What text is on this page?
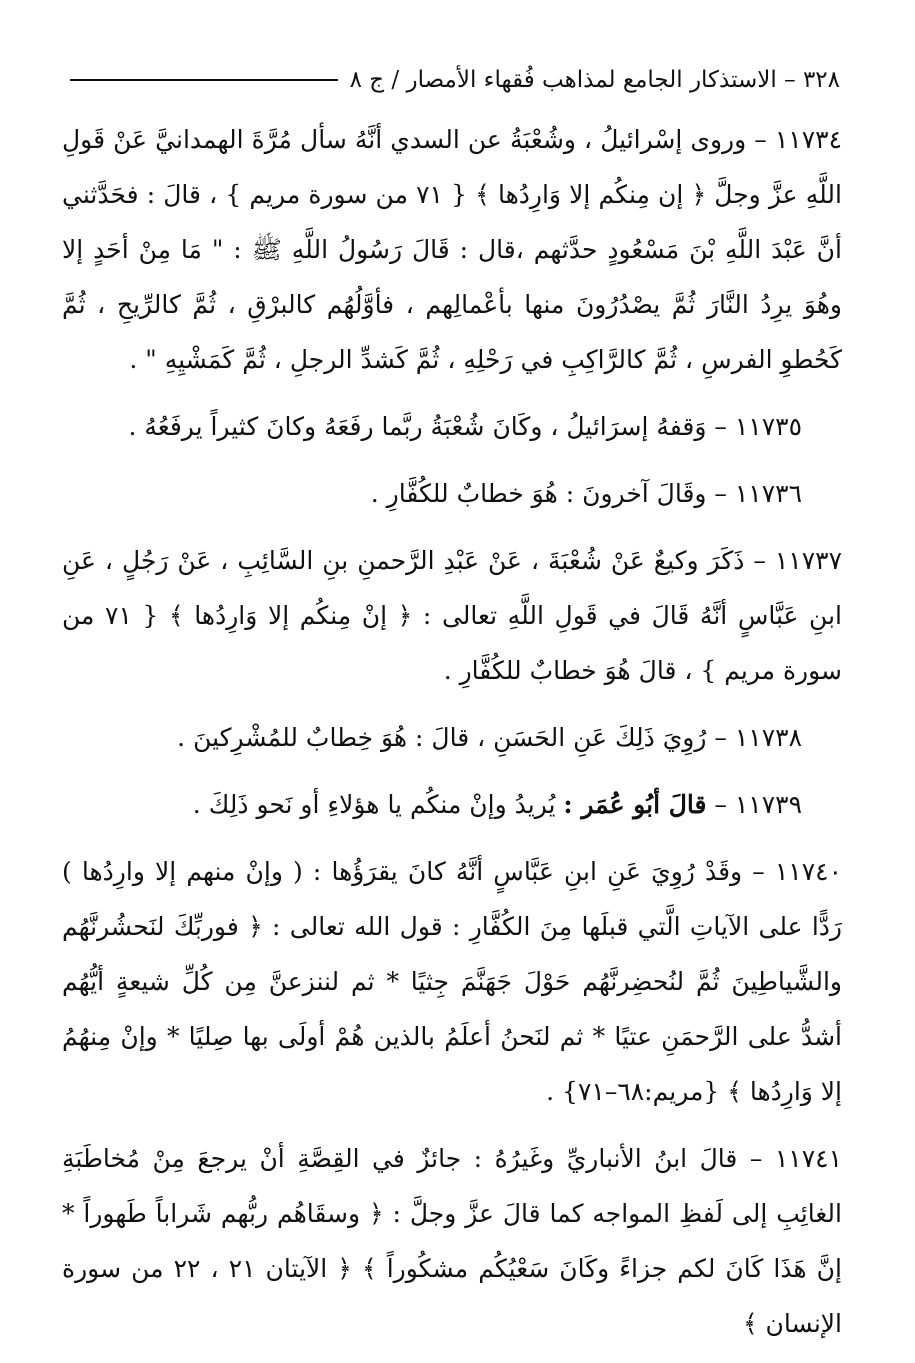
٣٢٨ – الاستذكار الجامع لمذاهب فُقهاء الأمصار / ج ٨

١١٧٣٤ – وروى إسْرائيلُ ، وشُعْبَةُ عن السدي أنَّهُ سأل مُرَّةَ الهمدانيَّ عَنْ قَولِ اللَّهِ عزَّ وجلَّ ﴿ إن مِنكُم إلا وَارِدُها ﴾ { ٧١ من سورة مريم } ، قالَ : فحَدَّثني أنَّ عَبْدَ اللَّهِ بْنَ مَسْعُودٍ حدَّثهم ،قال : قَالَ رَسُولُ اللَّهِ ﷺ : " مَا مِنْ أحَدٍ إلا وهُوَ يرِدُ النَّارَ ثُمَّ يصْدُرُونَ منها بأعْمالِهم ، فأوَّلُهُم كالبرْقِ ، ثُمَّ كالرِّيحِ ، ثُمَّ كَحُطوِ الفرسِ ، ثُمَّ كالرَّاكِبِ في رَحْلِهِ ، ثُمَّ كَشدِّ الرجلِ ، ثُمَّ كَمَشْيِهِ " .

١١٧٣٥ – وَقفهُ إسرَائيلُ ، وكَانَ شُعْبَةُ ربَّما رفَعَهُ وكانَ كثيراً يرفَعُهُ .

١١٧٣٦ – وقَالَ آخرونَ : هُوَ خطابٌ للكُفَّارِ .

١١٧٣٧ – ذَكَرَ وكيعٌ عَنْ شُعْبَةَ ، عَنْ عَبْدِ الرَّحمنِ بنِ السَّائِبِ ، عَنْ رَجُلٍ ، عَنِ ابنِ عَبَّاسٍ أنَّهُ قَالَ في قَولِ اللَّهِ تعالى : ﴿ إنْ مِنكُم إلا وَارِدُها ﴾ { ٧١ من سورة مريم } ، قالَ هُوَ خطابٌ للكُفَّارِ .

١١٧٣٨ – رُوِيَ ذَلِكَ عَنِ الحَسَنِ ، قالَ : هُوَ خِطابٌ للمُشْرِكينَ .

١١٧٣٩ – قالَ أبُو عُمَر : يُريدُ وإنْ منكُم يا هؤلاءِ أو نَحو ذَلِكَ .

١١٧٤٠ – وقَدْ رُوِيَ عَنِ ابنِ عَبَّاسٍ أنَّهُ كانَ يقرَؤُها : ( وإنْ منهم إلا وارِدُها ) رَدًّا على الآياتِ الَّتي قبلَها مِنَ الكُفَّارِ : قول الله تعالى : ﴿ فوربِّكَ لنَحشُرنَّهُم والشَّياطِينَ ثُمَّ لنُحضِرنَّهُم حَوْلَ جَهَنَّمَ جِثيًا * ثم لننزعنَّ مِن كُلِّ شيعةٍ أيُّهُم أشدُّ على الرَّحمَنِ عتيًا * ثم لنَحنُ أعلَمُ بالذين هُمْ أولَى بها صِليًا * وإنْ مِنهُمُ إلا وَارِدُها ﴾ {مريم:٦٨–٧١} .

١١٧٤١ – قالَ ابنُ الأنباريِّ وغَيرُهُ : جائزٌ في القِصَّةِ أنْ يرجعَ مِنْ مُخاطَبَةِ الغائِبِ إلى لَفظِ المواجه كما قالَ عزَّ وجلَّ : ﴿ وسقَاهُم ربُّهم شَراباً طَهوراً * إنَّ هَذَا كَانَ لكم جزاءً وكَانَ سَعْيُكُم مشكُوراً ﴾ ﴿ الآيتان ٢١ ، ٢٢ من سورة الإنسان ﴾
